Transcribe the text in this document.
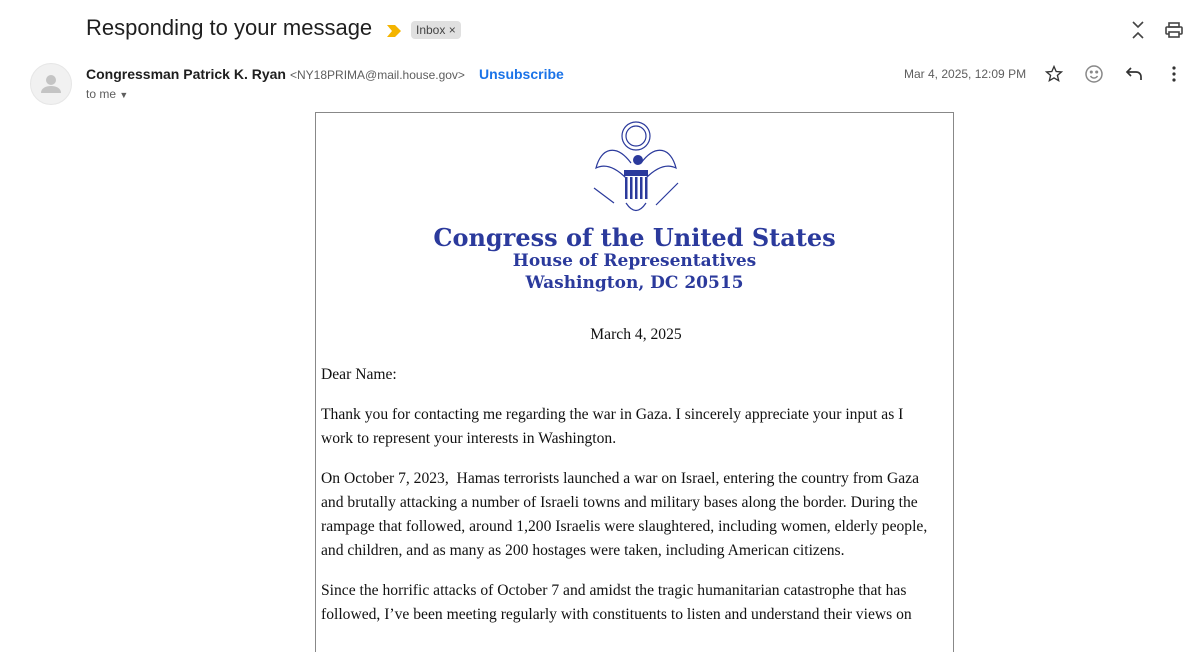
Responding to your message	Inbox ×
Congressman Patrick K. Ryan <NY18PRIMA@mail.house.gov> Unsubscribe
to me ▼
Mar 4, 2025, 12:09 PM
Congress of the United States
House of Representatives
Washington, DC 20515

March 4, 2025

Dear Name:

Thank you for contacting me regarding the war in Gaza. I sincerely appreciate your input as I
work to represent your interests in Washington.

On October 7, 2023,  Hamas terrorists launched a war on Israel, entering the country from Gaza
and brutally attacking a number of Israeli towns and military bases along the border. During the
rampage that followed, around 1,200 Israelis were slaughtered, including women, elderly people,
and children, and as many as 200 hostages were taken, including American citizens.

Since the horrific attacks of October 7 and amidst the tragic humanitarian catastrophe that has
followed, I’ve been meeting regularly with constituents to listen and understand their views on
